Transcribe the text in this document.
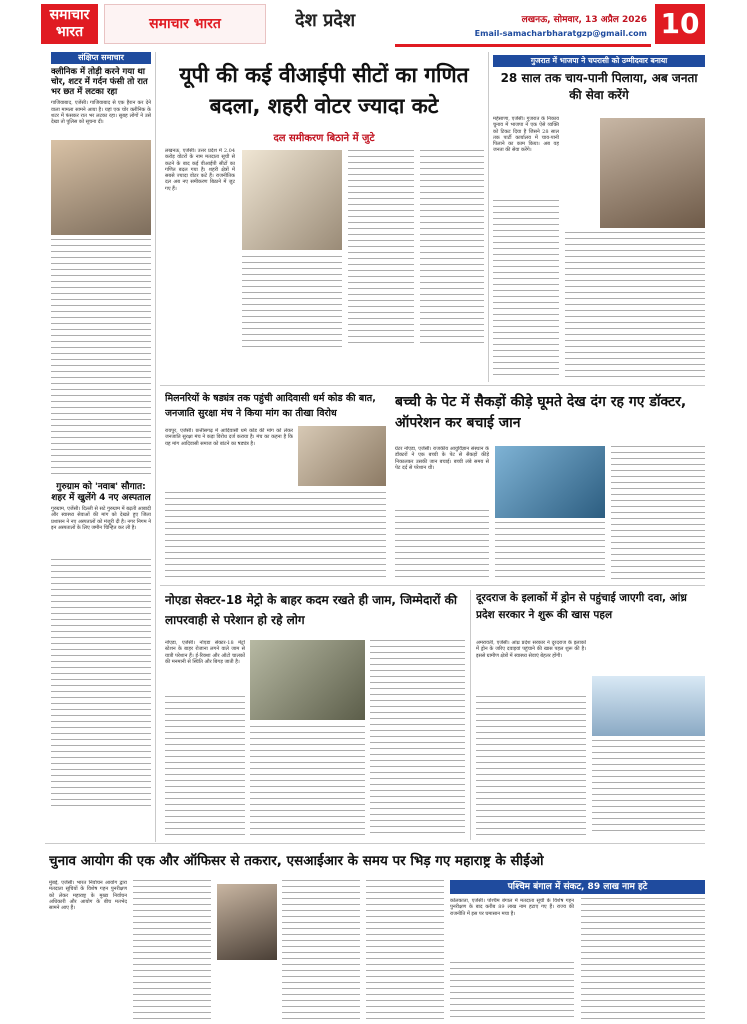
समाचार
भारत	समाचार भारत	देश प्रदेश	लखनऊ, सोमवार, 13 अप्रैल 2026
Email-samacharbharatgzp@gmail.com 10
संक्षिप्त समाचार
क्लीनिक में तोड़ी करने गया था चोर, शटर में गर्दन फंसी तो रात भर छत में लटका रहा
गाजियाबाद, एजेंसी। गाजियाबाद से एक हैरान कर देने वाला मामला सामने आया है। यहां एक चोर क्लीनिक के शटर में फंसकर रात भर लटका रहा। सुबह लोगों ने उसे देखा तो पुलिस को सूचना दी।
गुरुग्राम को 'नवाब' सौगात: शहर में खुलेंगे 4 नए अस्पताल
गुरुग्राम, एजेंसी। दिल्ली से सटे गुरुग्राम में बढ़ती आबादी और स्वास्थ्य सेवाओं की मांग को देखते हुए जिला प्रशासन ने नए अस्पतालों को मंजूरी दी है। नगर निगम ने इन अस्पतालों के लिए जमीन चिन्हित कर ली है।
यूपी की कई वीआईपी सीटों का गणित बदला, शहरी वोटर ज्यादा कटे
दल समीकरण बिठाने में जुटे
लखनऊ, एजेंसी। उत्तर प्रदेश में 2.04 करोड़ वोटरों के नाम मतदाता सूची से कटने के बाद कई वीआईपी सीटों का गणित बदल गया है। शहरी क्षेत्रों में सबसे ज्यादा वोटर कटे हैं। राजनीतिक दल अब नए समीकरण बिठाने में जुट गए हैं।
गुजरात में भाजपा ने चपरासी को उम्मीदवार बनाया
28 साल तक चाय-पानी पिलाया, अब जनता की सेवा करेंगे
महेसाणा, एजेंसी। गुजरात के निकाय चुनाव में भाजपा ने एक ऐसे व्यक्ति को टिकट दिया है जिसने 28 साल तक पार्टी कार्यालय में चाय-पानी पिलाने का काम किया। अब वह जनता की सेवा करेंगे।
मिलनरियों के षड्यंत्र तक पहुंची आदिवासी धर्म कोड की बात, जनजाति सुरक्षा मंच ने किया मांग का तीखा विरोध
रायपुर, एजेंसी। छत्तीसगढ़ में आदिवासी धर्म कोड की मांग को लेकर जनजाति सुरक्षा मंच ने कड़ा विरोध दर्ज कराया है। मंच का कहना है कि यह मांग आदिवासी समाज को बांटने का षड्यंत्र है।
बच्ची के पेट में सैकड़ों कीड़े घूमते देख दंग रह गए डॉक्टर, ऑपरेशन कर बचाई जान
ग्रेटर नोएडा, एजेंसी। राजकीय आयुर्विज्ञान संस्थान के डॉक्टरों ने एक बच्ची के पेट से सैकड़ों कीड़े निकालकर उसकी जान बचाई। बच्ची लंबे समय से पेट दर्द से परेशान थी।
नोएडा सेक्टर-18 मेट्रो के बाहर कदम रखते ही जाम, जिम्मेदारों की लापरवाही से परेशान हो रहे लोग
नोएडा, एजेंसी। नोएडा सेक्टर-18 मेट्रो स्टेशन के बाहर रोजाना लगने वाले जाम से यात्री परेशान हैं। ई-रिक्शा और ऑटो चालकों की मनमानी से स्थिति और बिगड़ जाती है।
दूरदराज के इलाकों में ड्रोन से पहुंचाई जाएगी दवा, आंध्र प्रदेश सरकार ने शुरू की खास पहल
अमरावती, एजेंसी। आंध्र प्रदेश सरकार ने दूरदराज के इलाकों में ड्रोन के जरिए दवाइयां पहुंचाने की खास पहल शुरू की है। इससे ग्रामीण क्षेत्रों में स्वास्थ्य सेवाएं बेहतर होंगी।
चुनाव आयोग की एक और ऑफिसर से तकरार, एसआईआर के समय पर भिड़ गए महाराष्ट्र के सीईओ
मुंबई, एजेंसी। भारत निर्वाचन आयोग द्वारा मतदाता सूचियों के विशेष गहन पुनरीक्षण को लेकर महाराष्ट्र के मुख्य निर्वाचन अधिकारी और आयोग के बीच मतभेद सामने आए हैं।
पश्चिम बंगाल में संकट, 89 लाख नाम हटे
कोलकाता, एजेंसी। पश्चिम बंगाल में मतदाता सूची के विशेष गहन पुनरीक्षण के बाद करीब 89 लाख नाम हटाए गए हैं। राज्य की राजनीति में इस पर घमासान मचा है।
